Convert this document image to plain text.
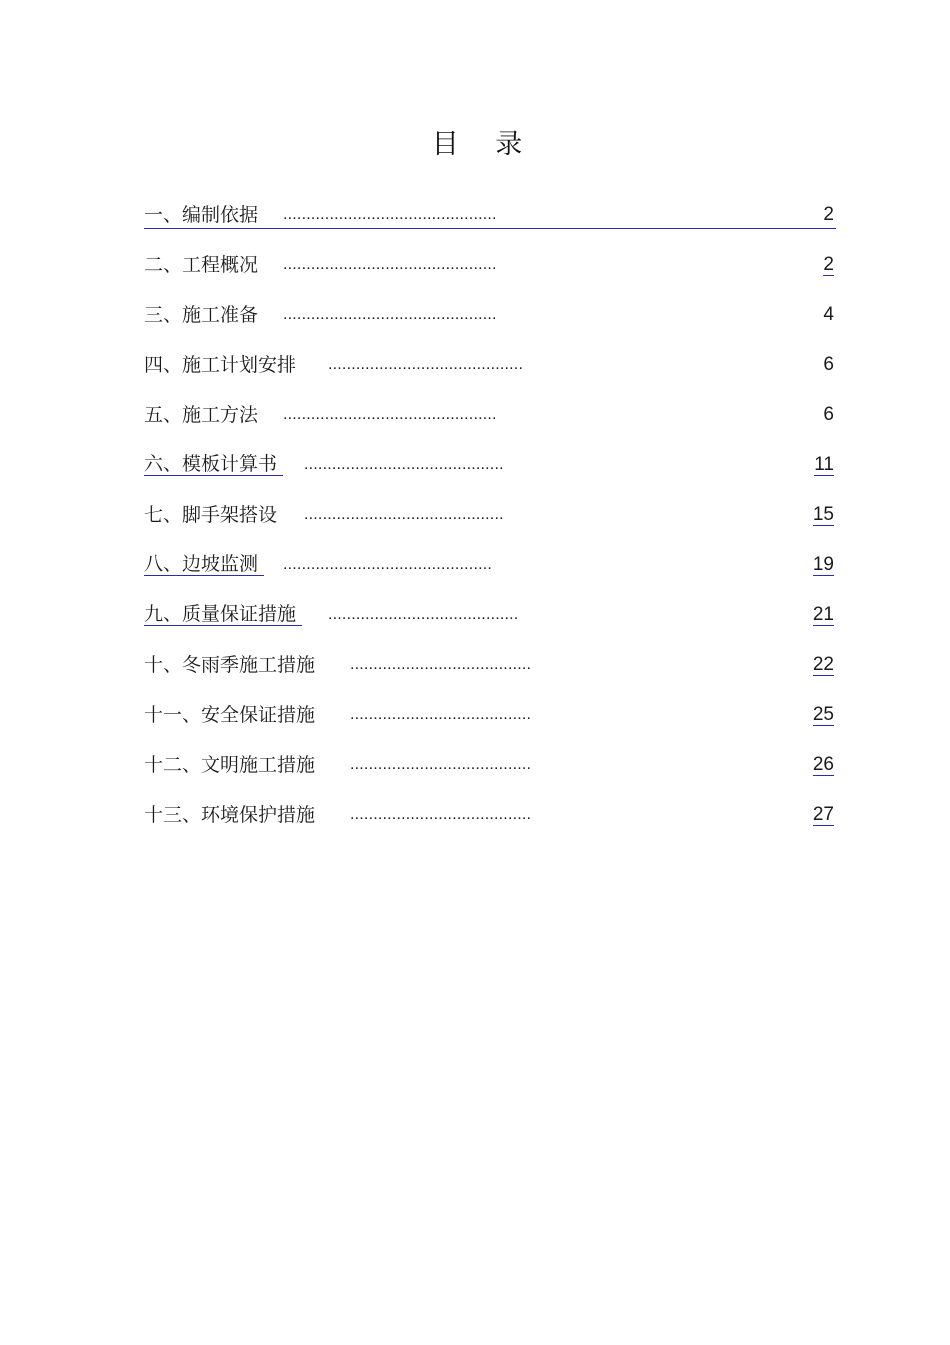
目 录
一、编制依据 ..............................................	2
二、工程概况 ..............................................	2
三、施工准备 ..............................................	4
四、施工计划安排 ..........................................	6
五、施工方法 ..............................................	6
六、模板计算书	...........................................	11
七、脚手架搭设 ...........................................	15
八、边坡监测	.............................................	19
九、质量保证措施	.........................................	21
十、冬雨季施工措施 .......................................	22
十一、安全保证措施 .......................................	25
十二、文明施工措施 .......................................	26
十三、环境保护措施 .......................................	27
